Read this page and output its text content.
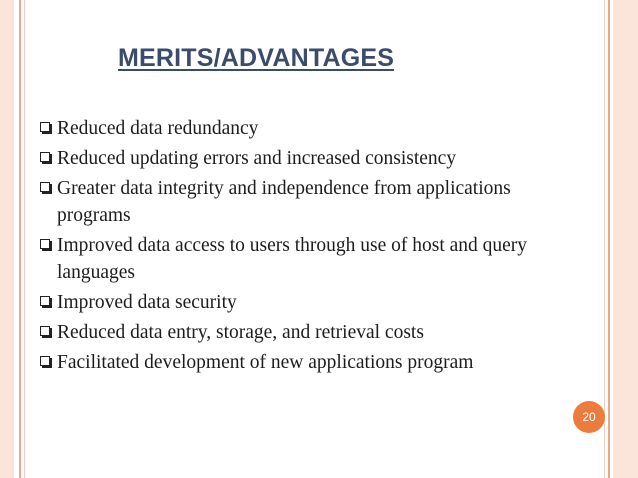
MERITS/ADVANTAGES
Reduced data redundancy
Reduced updating errors and increased consistency
Greater data integrity and independence from applications programs
Improved data access to users through use of host and query languages
Improved data security
Reduced data entry, storage, and retrieval costs
Facilitated development of new applications program
20
